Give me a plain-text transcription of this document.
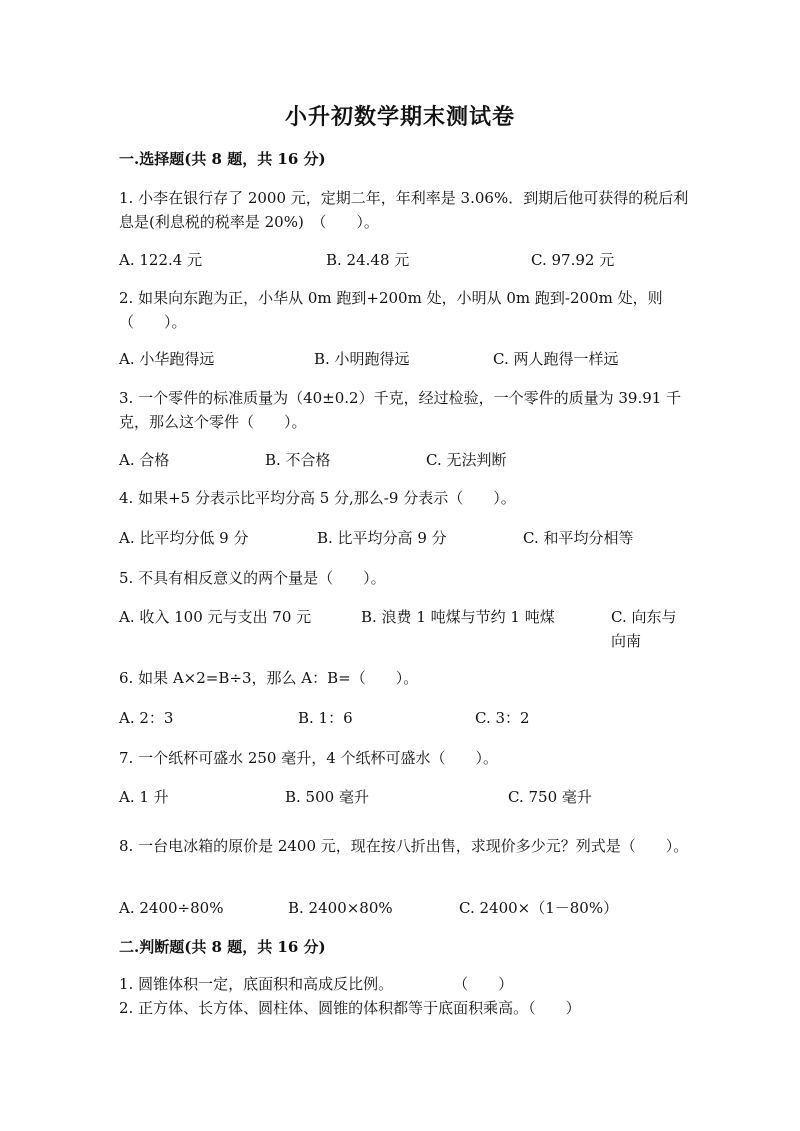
小升初数学期末测试卷
一.选择题(共 8 题，共 16 分)
1. 小李在银行存了 2000 元，定期二年，年利率是 3.06%．到期后他可获得的税后利息是(利息税的税率是 20%)　（　　）。
A. 122.4 元	B. 24.48 元	C. 97.92 元
2. 如果向东跑为正，小华从 0m 跑到+200m 处，小明从 0m 跑到-200m 处，则（　　）。
A. 小华跑得远	B. 小明跑得远	C. 两人跑得一样远
3. 一个零件的标准质量为（40±0.2）千克，经过检验，一个零件的质量为 39.91 千克，那么这个零件（　　）。
A. 合格	B. 不合格	C. 无法判断
4. 如果+5 分表示比平均分高 5 分,那么-9 分表示（　　）。
A. 比平均分低 9 分	B. 比平均分高 9 分	C. 和平均分相等
5. 不具有相反意义的两个量是（　　）。
A. 收入 100 元与支出 70 元	B. 浪费 1 吨煤与节约 1 吨煤	C. 向东与向南
6. 如果 A×2=B÷3，那么 A：B=（　　）。
A. 2：3	B. 1：6	C. 3：2
7. 一个纸杯可盛水 250 毫升，4 个纸杯可盛水（　　）。
A. 1 升	B. 500 毫升	C. 750 毫升
8. 一台电冰箱的原价是 2400 元，现在按八折出售，求现价多少元？列式是（　　）。
A. 2400÷80%	B. 2400×80%	C. 2400×（1－80%）
二.判断题(共 8 题，共 16 分)
1. 圆锥体积一定，底面积和高成反比例。　　　　　（　　）
2. 正方体、长方体、圆柱体、圆锥的体积都等于底面积乘高。（　　）
